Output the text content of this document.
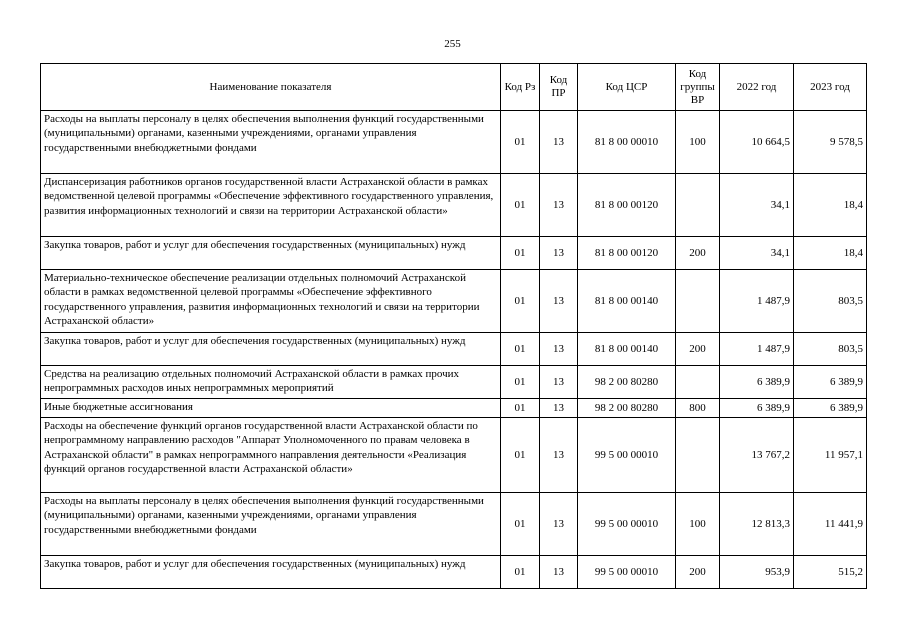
255
Наименование показателя	Код Рз	Код ПР	Код ЦСР	Код группы ВР	2022 год	2023 год
Расходы на выплаты персоналу в целях обеспечения выполнения функций государственными (муниципальными) органами, казенными учреждениями, органами управления государственными внебюджетными фондами	01	13	81 8 00 00010	100	10 664,5	9 578,5
Диспансеризация работников органов государственной власти Астраханской области в рамках ведомственной целевой программы «Обеспечение эффективного государственного управления, развития информационных технологий и связи на территории Астраханской области»	01	13	81 8 00 00120		34,1	18,4
Закупка товаров, работ и услуг для обеспечения государственных (муниципальных) нужд	01	13	81 8 00 00120	200	34,1	18,4
Материально-техническое обеспечение реализации отдельных полномочий Астраханской области в рамках ведомственной целевой программы «Обеспечение эффективного государственного управления, развития информационных технологий и связи на территории Астраханской области»	01	13	81 8 00 00140		1 487,9	803,5
Закупка товаров, работ и услуг для обеспечения государственных (муниципальных) нужд	01	13	81 8 00 00140	200	1 487,9	803,5
Средства на реализацию отдельных полномочий Астраханской области в рамках прочих непрограммных расходов иных непрограммных мероприятий	01	13	98 2 00 80280		6 389,9	6 389,9
Иные бюджетные ассигнования	01	13	98 2 00 80280	800	6 389,9	6 389,9
Расходы на обеспечение функций органов государственной власти Астраханской области по непрограммному направлению расходов "Аппарат Уполномоченного по правам человека в Астраханской области" в рамках непрограммного направления деятельности «Реализация функций органов государственной власти Астраханской области»	01	13	99 5 00 00010		13 767,2	11 957,1
Расходы на выплаты персоналу в целях обеспечения выполнения функций государственными (муниципальными) органами, казенными учреждениями, органами управления государственными внебюджетными фондами	01	13	99 5 00 00010	100	12 813,3	11 441,9
Закупка товаров, работ и услуг для обеспечения государственных (муниципальных) нужд	01	13	99 5 00 00010	200	953,9	515,2
